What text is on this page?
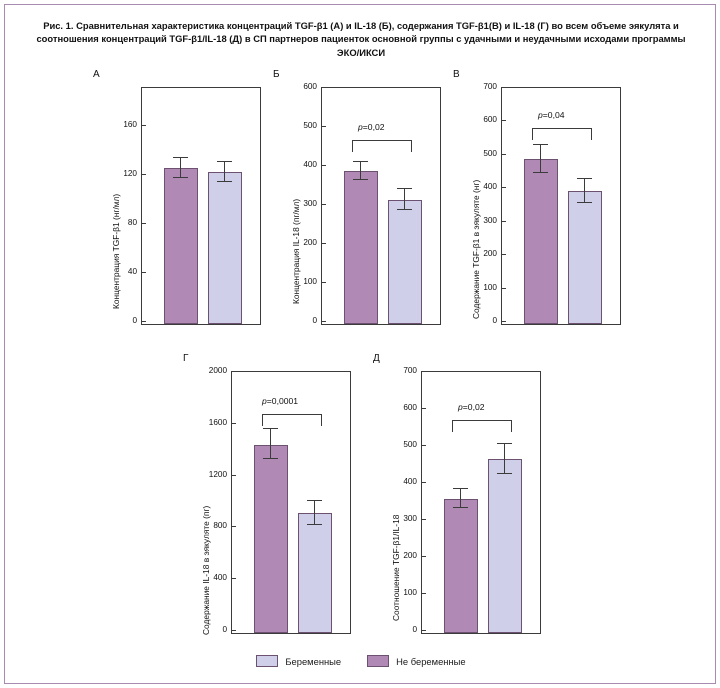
Рис. 1. Сравнительная характеристика концентраций TGF-β1 (А) и IL-18 (Б), содержания TGF-β1(В) и IL-18 (Г) во всем объеме эякулята и соотношения концентраций TGF-β1/IL-18 (Д) в СП партнеров пациенток основной группы с удачными и неудачными исходами программы ЭКО/ИКСИ
А
Концентрация TGF-β1 (нг/мл)
0
40
80
120
160
Б
Концентрация IL-18 (пг/мл)
0
100
200
300
400
500
600
p=0,02
В
Содержание TGF-β1 в эякуляте (нг)
0
100
200
300
400
500
600
700
p=0,04
Г
Содержание IL-18 в эякуляте (пг)	0
400
800
1200
1600
2000
p=0,0001
Д
Соотношение TGF-β1/IL-18
0
100
200
300
400
500
600
700
p=0,02
Беременные	Не беременные
